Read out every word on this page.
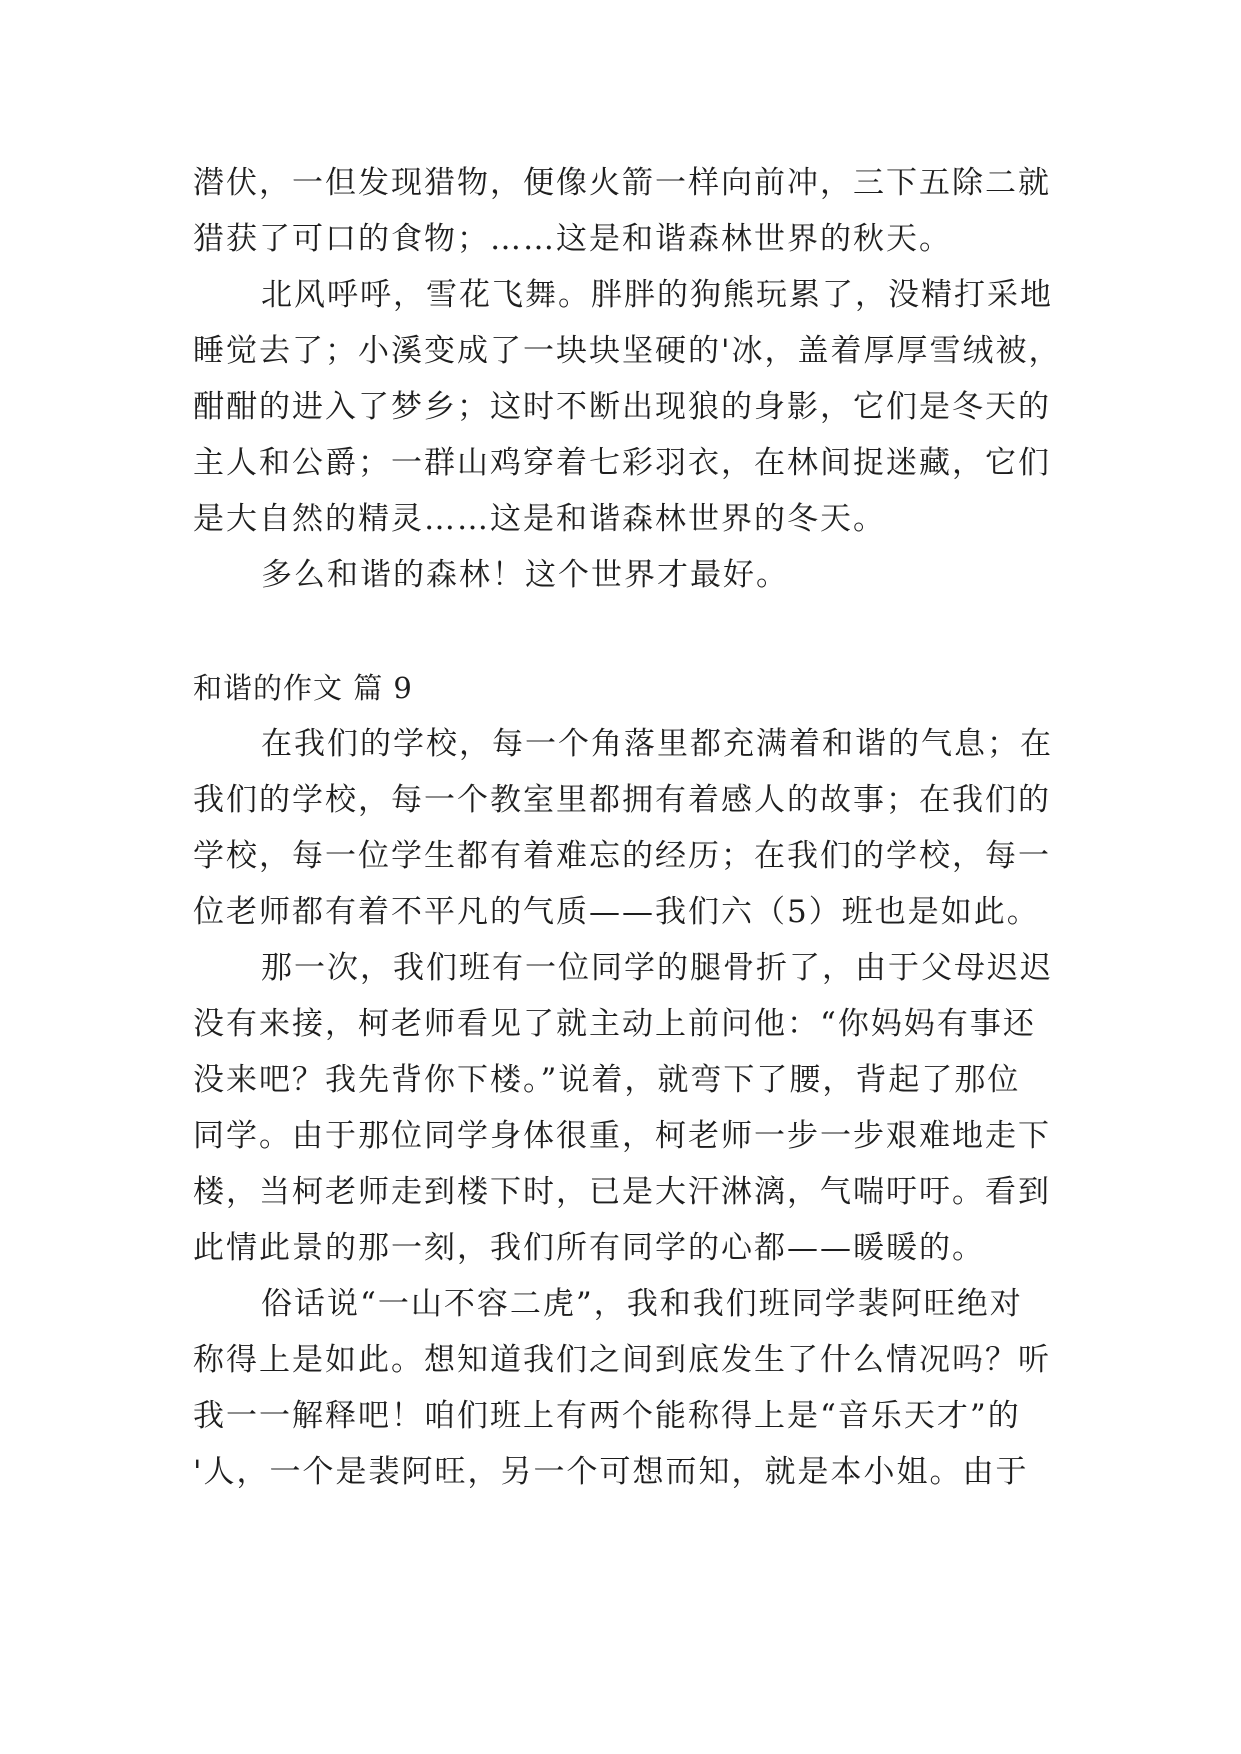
潜伏，一但发现猎物，便像火箭一样向前冲，三下五除二就
猎获了可口的食物；……这是和谐森林世界的秋天。
北风呼呼，雪花飞舞。胖胖的狗熊玩累了，没精打采地
睡觉去了；小溪变成了一块块坚硬的'冰，盖着厚厚雪绒被，
酣酣的进入了梦乡；这时不断出现狼的身影，它们是冬天的
主人和公爵；一群山鸡穿着七彩羽衣，在林间捉迷藏，它们
是大自然的精灵……这是和谐森林世界的冬天。
多么和谐的森林！这个世界才最好。
和谐的作文 篇 9
在我们的学校，每一个角落里都充满着和谐的气息；在
我们的学校，每一个教室里都拥有着感人的故事；在我们的
学校，每一位学生都有着难忘的经历；在我们的学校，每一
位老师都有着不平凡的气质——我们六（5）班也是如此。
那一次，我们班有一位同学的腿骨折了，由于父母迟迟
没有来接，柯老师看见了就主动上前问他：“你妈妈有事还
没来吧？我先背你下楼。”说着，就弯下了腰，背起了那位
同学。由于那位同学身体很重，柯老师一步一步艰难地走下
楼，当柯老师走到楼下时，已是大汗淋漓，气喘吁吁。看到
此情此景的那一刻，我们所有同学的心都——暖暖的。
俗话说“一山不容二虎”，我和我们班同学裴阿旺绝对
称得上是如此。想知道我们之间到底发生了什么情况吗？听
我一一解释吧！咱们班上有两个能称得上是“音乐天才”的
'人，一个是裴阿旺，另一个可想而知，就是本小姐。由于
